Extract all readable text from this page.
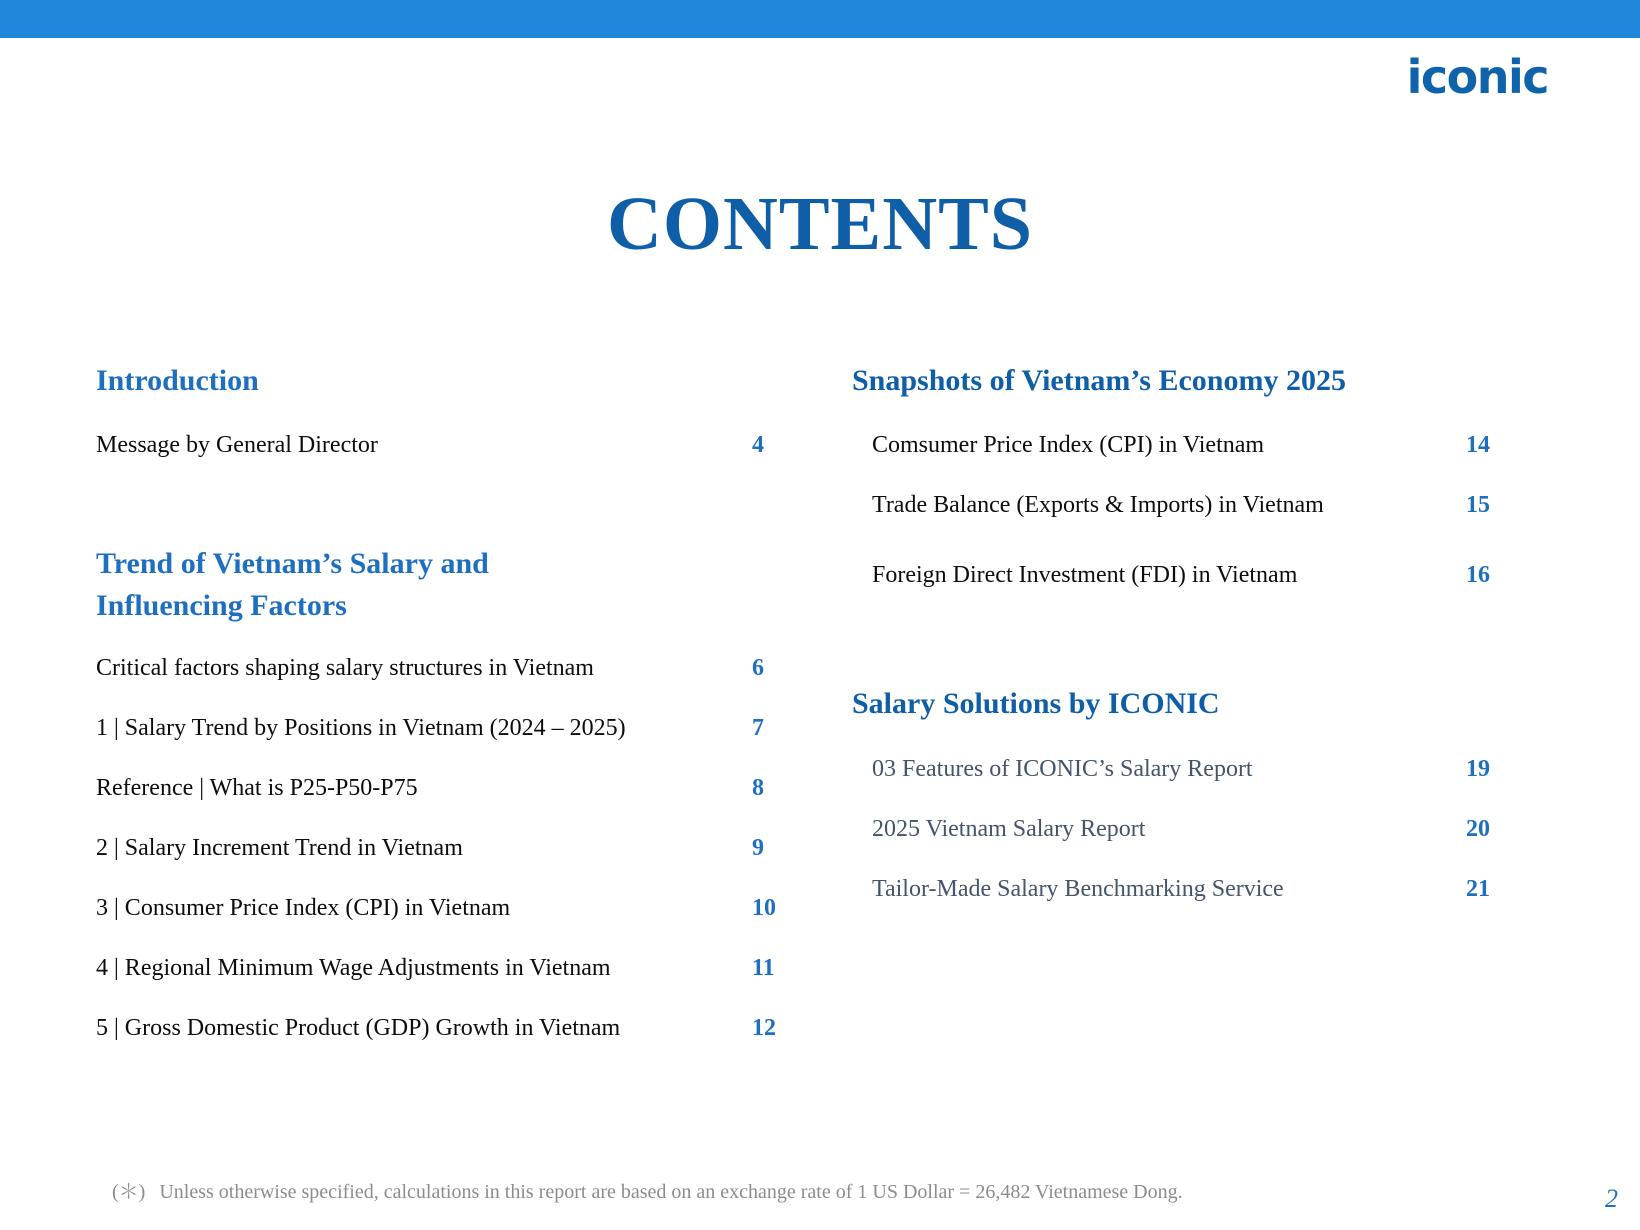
iconic
CONTENTS
Introduction
Message by General Director	4
Trend of Vietnam’s Salary and Influencing Factors
Critical factors shaping salary structures in Vietnam	6
1 | Salary Trend by Positions in Vietnam (2024 – 2025)	7
Reference | What is P25-P50-P75	8
2 | Salary Increment Trend in Vietnam	9
3 | Consumer Price Index (CPI) in Vietnam	10
4 | Regional Minimum Wage Adjustments in Vietnam	11
5 | Gross Domestic Product (GDP) Growth in Vietnam	12
Snapshots of Vietnam’s Economy 2025
Comsumer Price Index (CPI) in Vietnam	14
Trade Balance (Exports & Imports) in Vietnam	15
Foreign Direct Investment (FDI) in Vietnam	16
Salary Solutions by ICONIC
03 Features of ICONIC’s Salary Report	19
2025 Vietnam Salary Report	20
Tailor-Made Salary Benchmarking Service	21
(＊) Unless otherwise specified, calculations in this report are based on an exchange rate of 1 US Dollar = 26,482 Vietnamese Dong.	2
